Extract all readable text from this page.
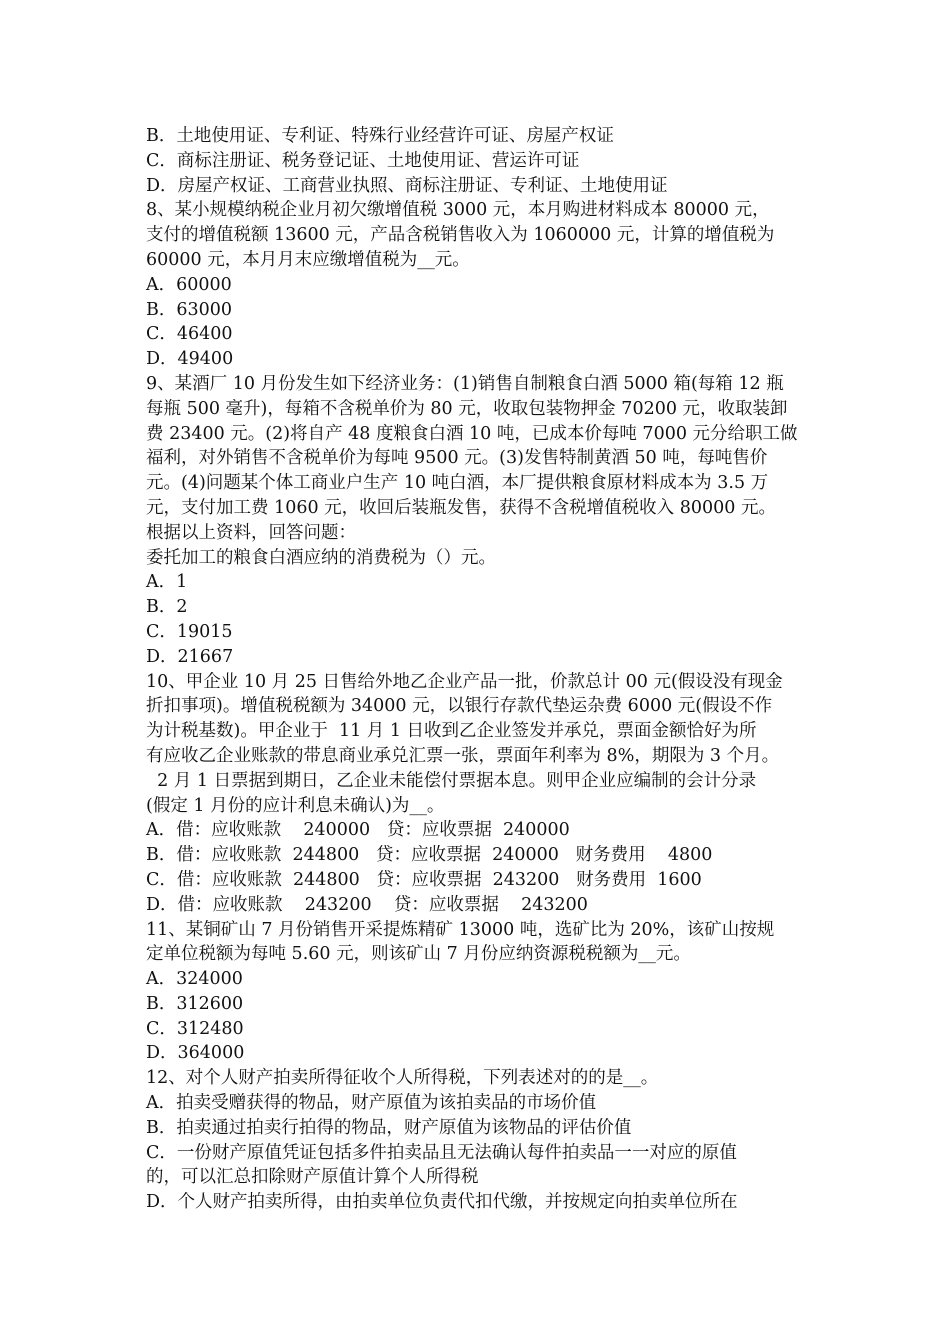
B．土地使用证、专利证、特殊行业经营许可证、房屋产权证

C．商标注册证、税务登记证、土地使用证、营运许可证

D．房屋产权证、工商营业执照、商标注册证、专利证、土地使用证

8、某小规模纳税企业月初欠缴增值税 3000 元，本月购进材料成本 80000 元，

支付的增值税额 13600 元，产品含税销售收入为 1060000 元，计算的增值税为

60000 元，本月月末应缴增值税为__元。

A．60000

B．63000

C．46400

D．49400

9、某酒厂 10 月份发生如下经济业务：(1)销售自制粮食白酒 5000 箱(每箱 12 瓶

每瓶 500 毫升)，每箱不含税单价为 80 元，收取包装物押金 70200 元，收取装卸

费 23400 元。(2)将自产 48 度粮食白酒 10 吨，已成本价每吨 7000 元分给职工做

福利，对外销售不含税单价为每吨 9500 元。(3)发售特制黄酒 50 吨，每吨售价

元。(4)问题某个体工商业户生产 10 吨白酒，本厂提供粮食原材料成本为 3.5 万

元，支付加工费 1060 元，收回后装瓶发售，获得不含税增值税收入 80000 元。

根据以上资料，回答问题：

委托加工的粮食白酒应纳的消费税为（）元。

A．1

B．2

C．19015

D．21667

10、甲企业 10 月 25 日售给外地乙企业产品一批，价款总计 00 元(假设没有现金

折扣事项)。增值税税额为 34000 元，以银行存款代垫运杂费 6000 元(假设不作

为计税基数)。甲企业于  11 月 1 日收到乙企业签发并承兑，票面金额恰好为所

有应收乙企业账款的带息商业承兑汇票一张，票面年利率为 8%，期限为 3 个月。

2 月 1 日票据到期日，乙企业未能偿付票据本息。则甲企业应编制的会计分录

(假定 1 月份的应计利息未确认)为__。

A．借：应收账款    240000   贷：应收票据  240000

B．借：应收账款  244800   贷：应收票据  240000   财务费用    4800

C．借：应收账款  244800   贷：应收票据  243200   财务费用  1600

D．借：应收账款    243200    贷：应收票据    243200

11、某铜矿山 7 月份销售开采提炼精矿 13000 吨，选矿比为 20%，该矿山按规

定单位税额为每吨 5.60 元，则该矿山 7 月份应纳资源税税额为__元。

A．324000

B．312600

C．312480

D．364000

12、对个人财产拍卖所得征收个人所得税，下列表述对的的是__。

A．拍卖受赠获得的物品，财产原值为该拍卖品的市场价值

B．拍卖通过拍卖行拍得的物品，财产原值为该物品的评估价值

C．一份财产原值凭证包括多件拍卖品且无法确认每件拍卖品一一对应的原值

的，可以汇总扣除财产原值计算个人所得税

D．个人财产拍卖所得，由拍卖单位负责代扣代缴，并按规定向拍卖单位所在
